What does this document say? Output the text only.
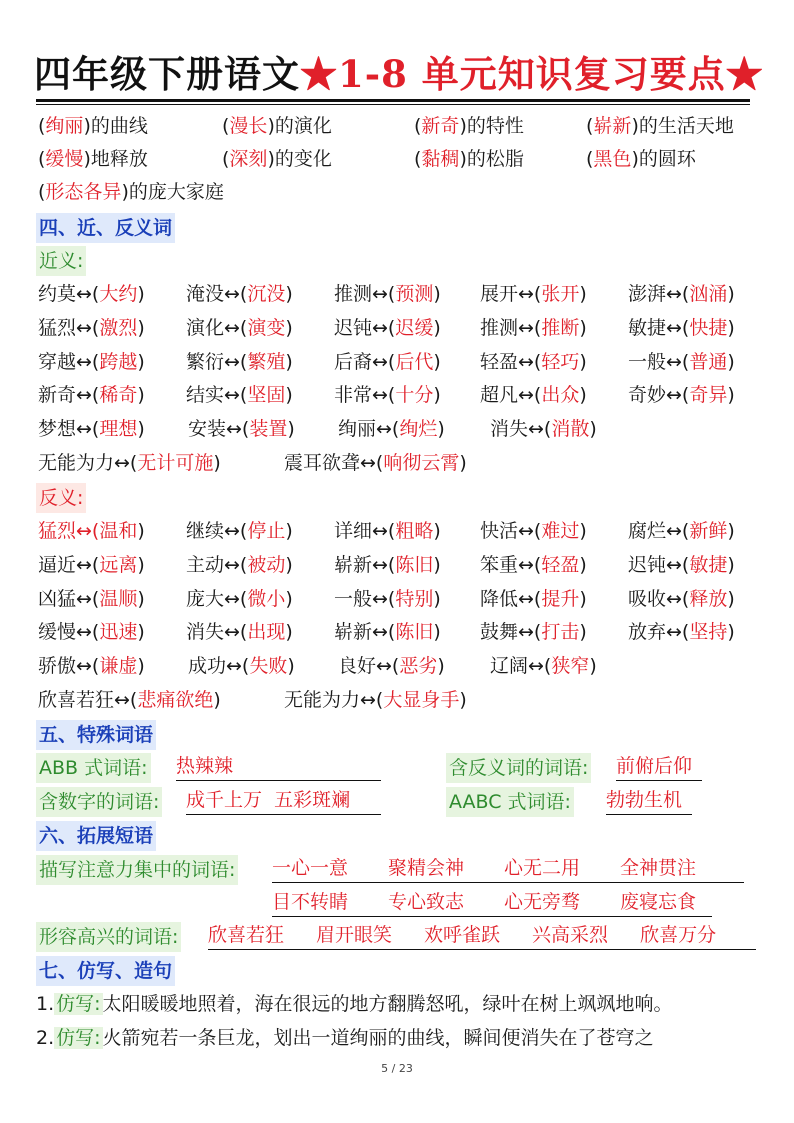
四年级下册语文 ★1-8 单元知识复习要点★
(绚丽)的曲线	(漫长)的演化	(新奇)的特性	(崭新)的生活天地
(缓慢)地释放	(深刻)的变化	(黏稠)的松脂	(黑色)的圆环
(形态各异)的庞大家庭
四、近、反义词
近义:
约莫↔(大约) 淹没↔(沉没) 推测↔(预测) 展开↔(张开) 澎湃↔(汹涌)
猛烈↔(激烈) 演化↔(演变) 迟钝↔(迟缓) 推测↔(推断) 敏捷↔(快捷)
穿越↔(跨越) 繁衍↔(繁殖) 后裔↔(后代) 轻盈↔(轻巧) 一般↔(普通)
新奇↔(稀奇) 结实↔(坚固) 非常↔(十分) 超凡↔(出众) 奇妙↔(奇异)
梦想↔(理想) 安装↔(装置) 绚丽↔(绚烂) 消失↔(消散)
无能为力↔(无计可施)	震耳欲聋↔(响彻云霄)
反义:
猛烈↔(温和) 继续↔(停止) 详细↔(粗略) 快活↔(难过) 腐烂↔(新鲜)
逼近↔(远离) 主动↔(被动) 崭新↔(陈旧) 笨重↔(轻盈) 迟钝↔(敏捷)
凶猛↔(温顺) 庞大↔(微小) 一般↔(特别) 降低↔(提升) 吸收↔(释放)
缓慢↔(迅速) 消失↔(出现) 崭新↔(陈旧) 鼓舞↔(打击) 放弃↔(坚持)
骄傲↔(谦虚) 成功↔(失败) 良好↔(恶劣) 辽阔↔(狭窄)
欣喜若狂↔(悲痛欲绝)	无能为力↔(大显身手)
五、特殊词语
ABB 式词语: 热辣辣	含反义词的词语: 前俯后仰
含数字的词语: 成千上万  五彩斑斓	AABC 式词语: 勃勃生机
六、拓展短语
描写注意力集中的词语: 一心一意 聚精会神 心无二用 全神贯注
目不转睛 专心致志 心无旁骛 废寝忘食
形容高兴的词语: 欣喜若狂 眉开眼笑 欢呼雀跃 兴高采烈 欣喜万分
七、仿写、造句
1. 仿写: 太阳暖暖地照着，海在很远的地方翻腾怒吼，绿叶在树上飒飒地响。
2. 仿写: 火箭宛若一条巨龙，划出一道绚丽的曲线，瞬间便消失在了苍穹之
5 / 23
